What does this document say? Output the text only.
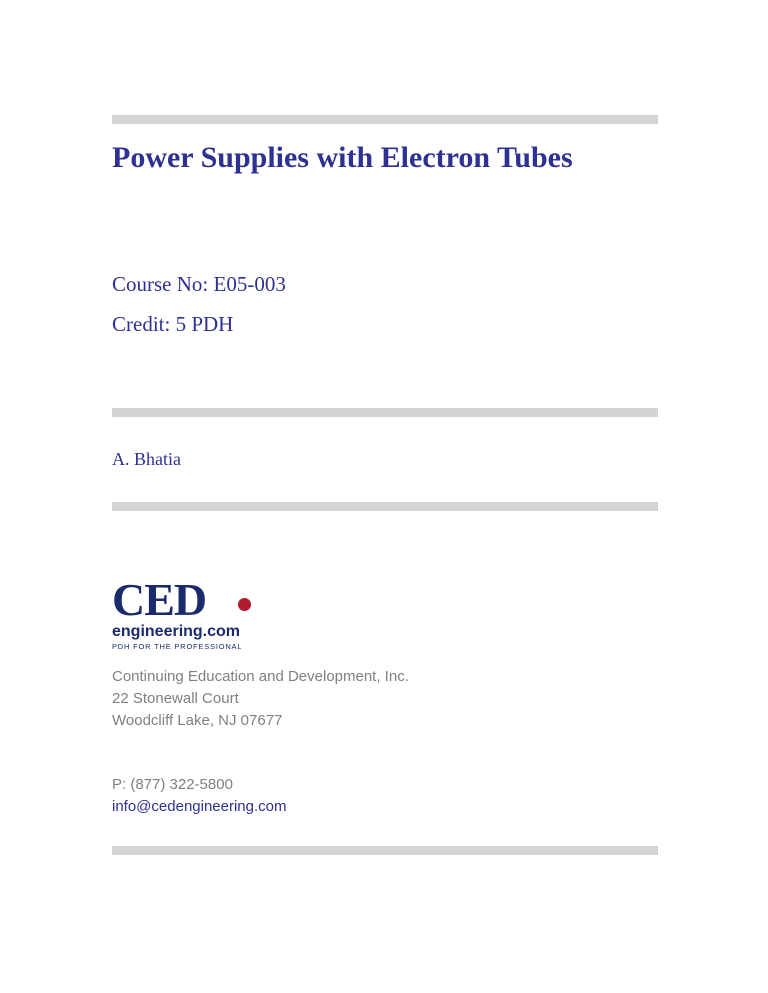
Power Supplies with Electron Tubes
Course No: E05-003
Credit: 5 PDH
A. Bhatia
CED
engineering.com
PDH FOR THE PROFESSIONAL
Continuing Education and Development, Inc.
22 Stonewall Court
Woodcliff Lake, NJ 07677
P: (877) 322-5800
info@cedengineering.com
